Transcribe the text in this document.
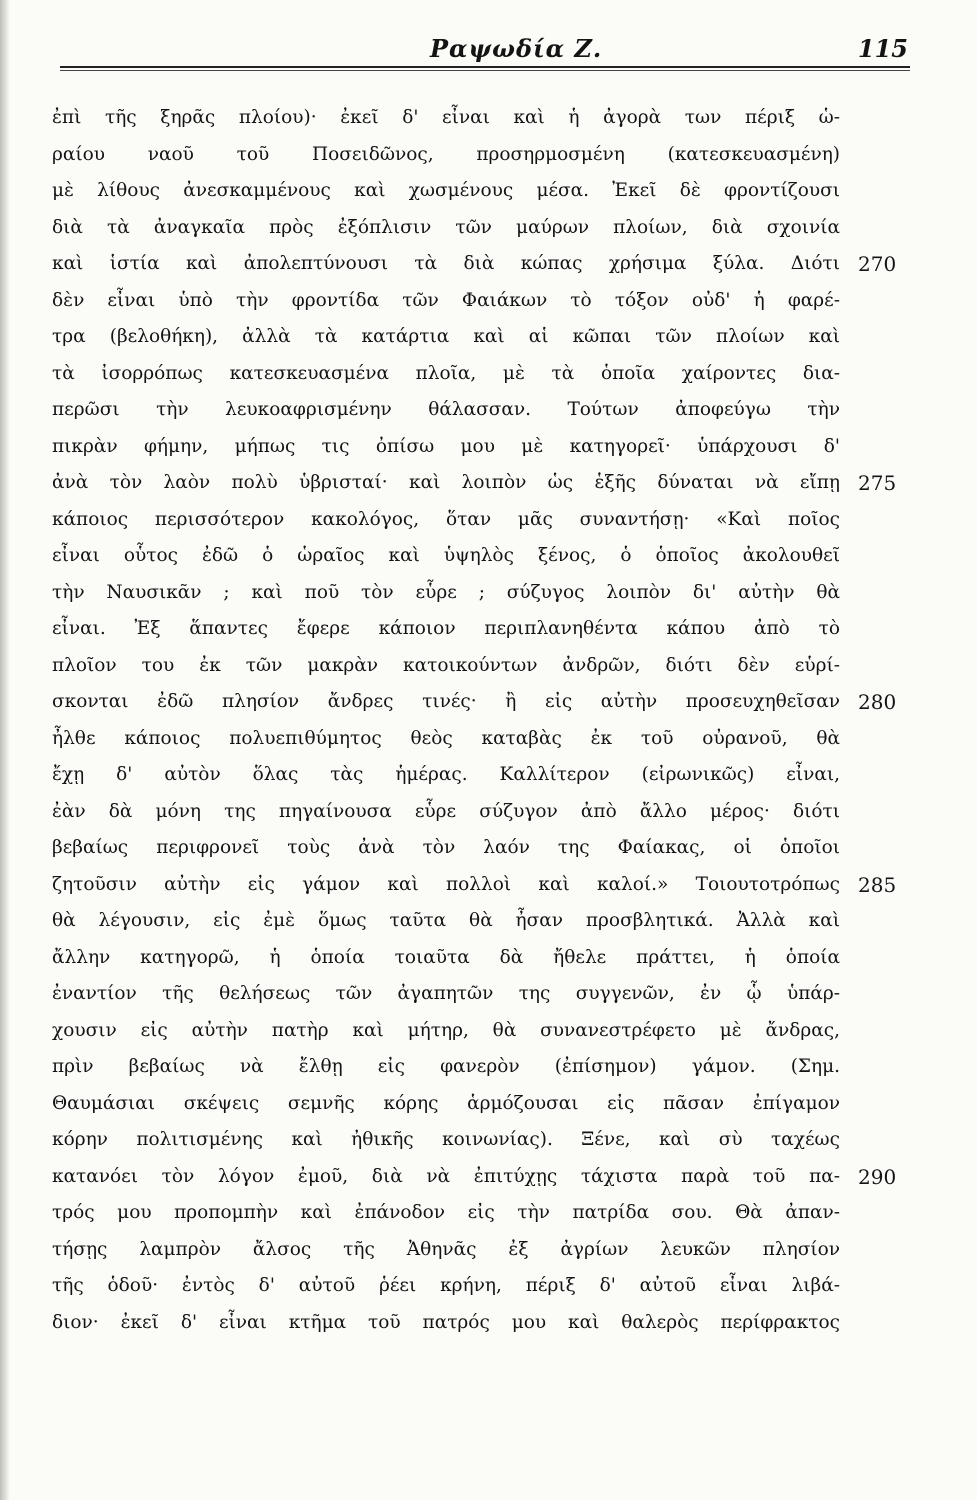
Ραψωδία Ζ.	115
ἐπὶ τῆς ξηρᾶς πλοίου)· ἐκεῖ δ' εἶναι καὶ ἡ ἀγορὰ των πέριξ ὡ-
ραίου ναοῦ τοῦ Ποσειδῶνος, προσηρμοσμένη (κατεσκευασμένη)
μὲ λίθους ἀνεσκαμμένους καὶ χωσμένους μέσα. Ἐκεῖ δὲ φροντίζουσι
διὰ τὰ ἀναγκαῖα πρὸς ἐξόπλισιν τῶν μαύρων πλοίων, διὰ σχοινία
καὶ ἱστία καὶ ἀπολεπτύνουσι τὰ διὰ κώπας χρήσιμα ξύλα. Διότι
δὲν εἶναι ὑπὸ τὴν φροντίδα τῶν Φαιάκων τὸ τόξον οὐδ' ἡ φαρέ-
τρα (βελοθήκη), ἀλλὰ τὰ κατάρτια καὶ αἱ κῶπαι τῶν πλοίων καὶ
τὰ ἰσορρόπως κατεσκευασμένα πλοῖα, μὲ τὰ ὁποῖα χαίροντες δια-
περῶσι τὴν λευκοαφρισμένην θάλασσαν. Τούτων ἀποφεύγω τὴν
πικρὰν φήμην, μήπως τις ὀπίσω μου μὲ κατηγορεῖ· ὑπάρχουσι δ'
ἀνὰ τὸν λαὸν πολὺ ὑβρισταί· καὶ λοιπὸν ὡς ἑξῆς δύναται νὰ εἴπῃ
κάποιος περισσότερον κακολόγος, ὅταν μᾶς συναντήσῃ· «Καὶ ποῖος
εἶναι οὗτος ἐδῶ ὁ ὡραῖος καὶ ὑψηλὸς ξένος, ὁ ὁποῖος ἀκολουθεῖ
τὴν Ναυσικᾶν ; καὶ ποῦ τὸν εὗρε ; σύζυγος λοιπὸν δι' αὐτὴν θὰ
εἶναι. Ἐξ ἅπαντες ἔφερε κάποιον περιπλανηθέντα κάπου ἀπὸ τὸ
πλοῖον του ἐκ τῶν μακρὰν κατοικούντων ἀνδρῶν, διότι δὲν εὑρί-
σκονται ἐδῶ πλησίον ἄνδρες τινές· ἢ εἰς αὐτὴν προσευχηθεῖσαν
ἦλθε κάποιος πολυεπιθύμητος θεὸς καταβὰς ἐκ τοῦ οὐρανοῦ, θὰ
ἔχῃ δ' αὐτὸν ὅλας τὰς ἡμέρας. Καλλίτερον (εἰρωνικῶς) εἶναι,
ἐὰν δὰ μόνη της πηγαίνουσα εὗρε σύζυγον ἀπὸ ἄλλο μέρος· διότι
βεβαίως περιφρονεῖ τοὺς ἀνὰ τὸν λαόν της Φαίακας, οἱ ὁποῖοι
ζητοῦσιν αὐτὴν εἰς γάμον καὶ πολλοὶ καὶ καλοί.» Τοιουτοτρόπως
θὰ λέγουσιν, εἰς ἐμὲ ὅμως ταῦτα θὰ ἦσαν προσβλητικά. Ἀλλὰ καὶ
ἄλλην κατηγορῶ, ἡ ὁποία τοιαῦτα δὰ ἤθελε πράττει, ἡ ὁποία
ἐναντίον τῆς θελήσεως τῶν ἀγαπητῶν της συγγενῶν, ἐν ᾧ ὑπάρ-
χουσιν εἰς αὐτὴν πατὴρ καὶ μήτηρ, θὰ συνανεστρέφετο μὲ ἄνδρας,
πρὶν βεβαίως νὰ ἔλθῃ εἰς φανερὸν (ἐπίσημον) γάμον. (Σημ.
Θαυμάσιαι σκέψεις σεμνῆς κόρης ἁρμόζουσαι εἰς πᾶσαν ἐπίγαμον
κόρην πολιτισμένης καὶ ἠθικῆς κοινωνίας). Ξένε, καὶ σὺ ταχέως
κατανόει τὸν λόγον ἐμοῦ, διὰ νὰ ἐπιτύχῃς τάχιστα παρὰ τοῦ πα-
τρός μου προπομπὴν καὶ ἐπάνοδον εἰς τὴν πατρίδα σου. Θὰ ἀπαν-
τήσῃς λαμπρὸν ἄλσος τῆς Ἀθηνᾶς ἐξ ἀγρίων λευκῶν πλησίον
τῆς ὁδοῦ· ἐντὸς δ' αὐτοῦ ῥέει κρήνη, πέριξ δ' αὐτοῦ εἶναι λιβά-
διον· ἐκεῖ δ' εἶναι κτῆμα τοῦ πατρός μου καὶ θαλερὸς περίφρακτος
270
275
280
285
290
